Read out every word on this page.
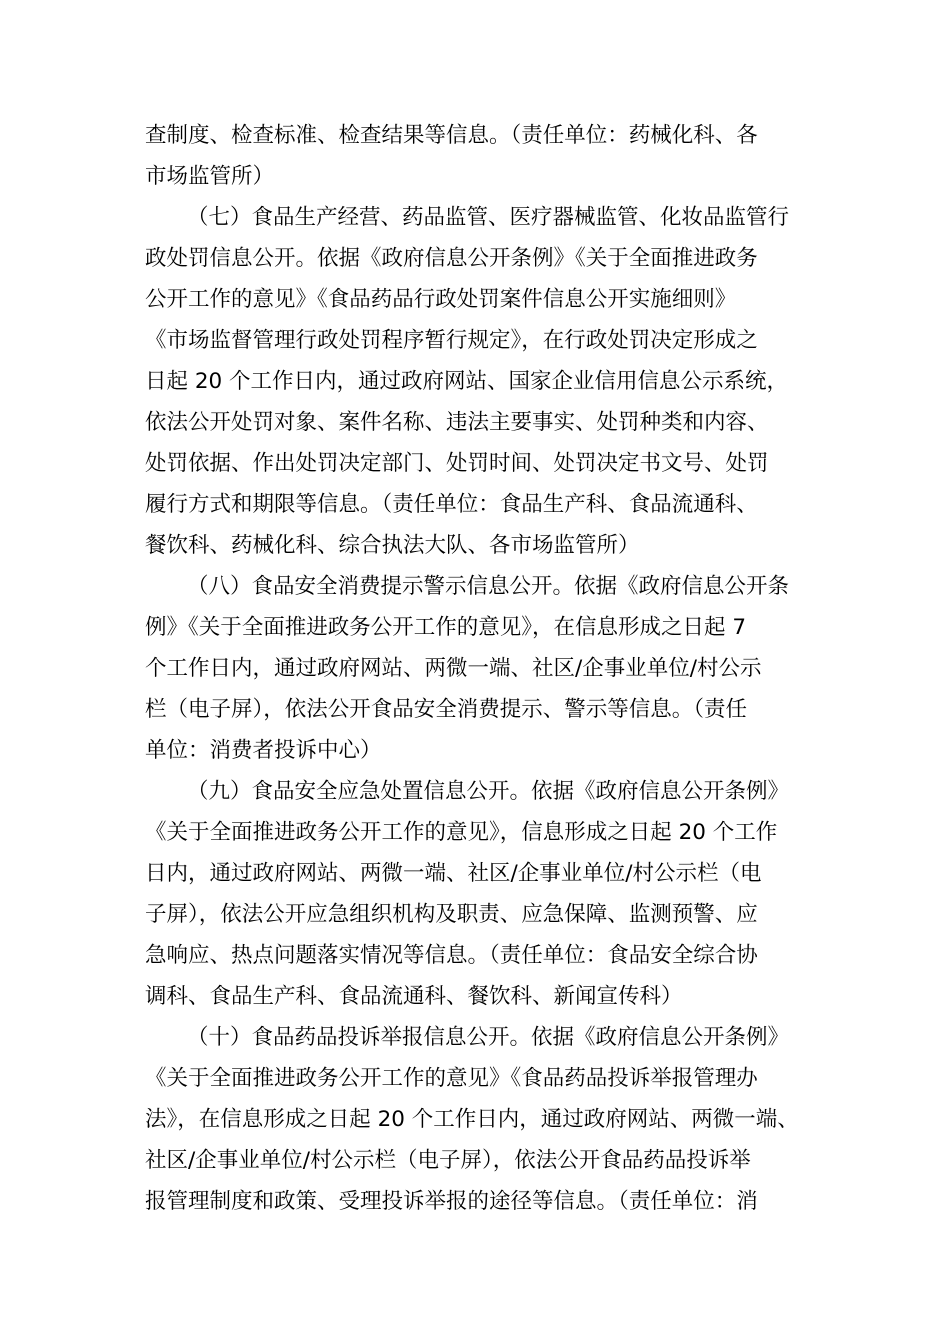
查制度、检查标准、检查结果等信息。（责任单位：药械化科、各
市场监管所）
（七）食品生产经营、药品监管、医疗器械监管、化妆品监管行
政处罚信息公开。依据《政府信息公开条例》《关于全面推进政务
公开工作的意见》《食品药品行政处罚案件信息公开实施细则》
《市场监督管理行政处罚程序暂行规定》，在行政处罚决定形成之
日起 20 个工作日内，通过政府网站、国家企业信用信息公示系统，
依法公开处罚对象、案件名称、违法主要事实、处罚种类和内容、
处罚依据、作出处罚决定部门、处罚时间、处罚决定书文号、处罚
履行方式和期限等信息。（责任单位：食品生产科、食品流通科、
餐饮科、药械化科、综合执法大队、各市场监管所）
（八）食品安全消费提示警示信息公开。依据《政府信息公开条
例》《关于全面推进政务公开工作的意见》，在信息形成之日起 7
个工作日内，通过政府网站、两微一端、社区/企事业单位/村公示
栏（电子屏），依法公开食品安全消费提示、警示等信息。（责任
单位：消费者投诉中心）
（九）食品安全应急处置信息公开。依据《政府信息公开条例》
《关于全面推进政务公开工作的意见》，信息形成之日起 20 个工作
日内，通过政府网站、两微一端、社区/企事业单位/村公示栏（电
子屏），依法公开应急组织机构及职责、应急保障、监测预警、应
急响应、热点问题落实情况等信息。（责任单位：食品安全综合协
调科、食品生产科、食品流通科、餐饮科、新闻宣传科）
（十）食品药品投诉举报信息公开。依据《政府信息公开条例》
《关于全面推进政务公开工作的意见》《食品药品投诉举报管理办
法》，在信息形成之日起 20 个工作日内，通过政府网站、两微一端、
社区/企事业单位/村公示栏（电子屏），依法公开食品药品投诉举
报管理制度和政策、受理投诉举报的途径等信息。（责任单位：消
